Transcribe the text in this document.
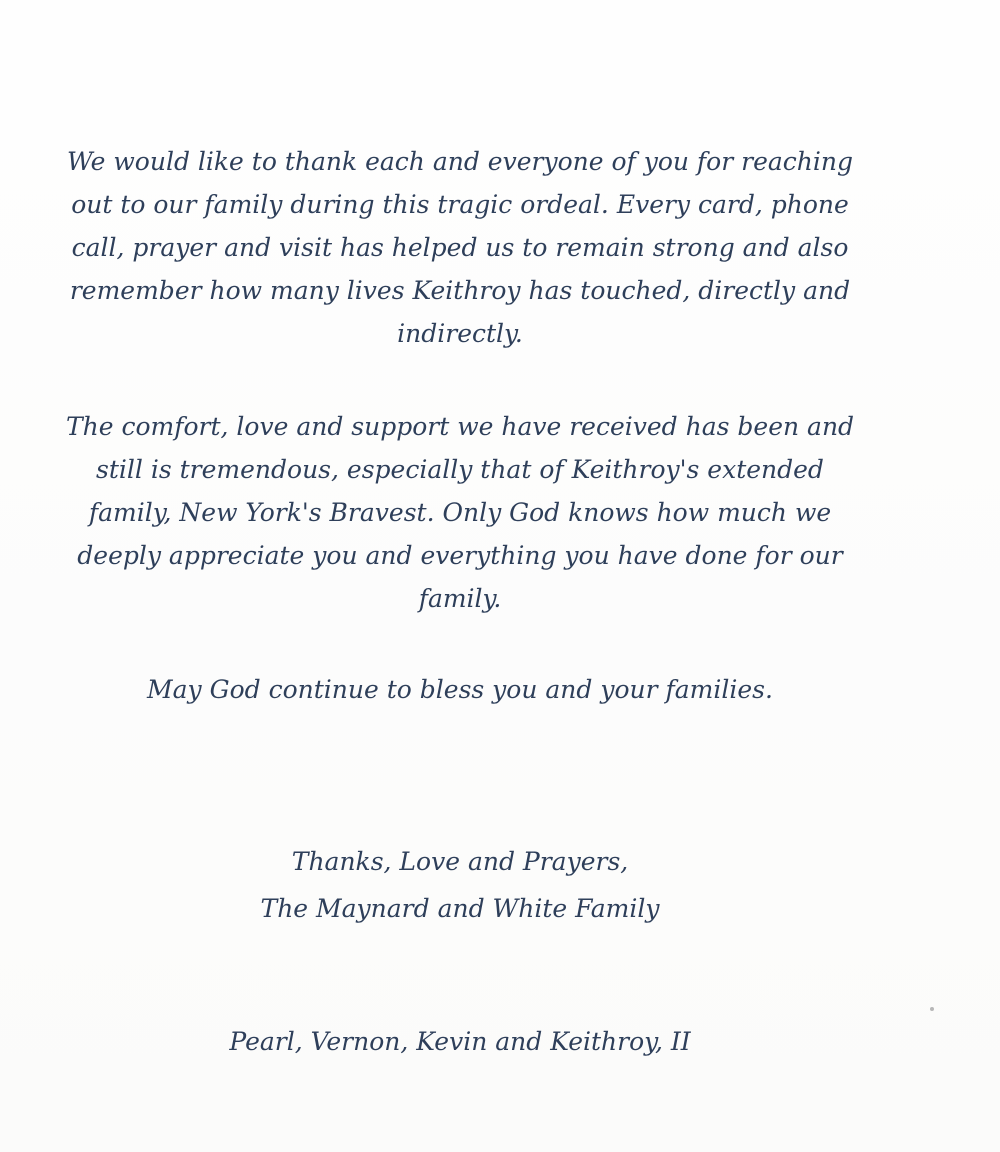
We would like to thank each and everyone of you for reaching
out to our family during this tragic ordeal. Every card, phone
call, prayer and visit has helped us to remain strong and also
remember how many lives Keithroy has touched, directly and
indirectly.
The comfort, love and support we have received has been and
still is tremendous, especially that of Keithroy's extended
family, New York's Bravest. Only God knows how much we
deeply appreciate you and everything you have done for our
family.
May God continue to bless you and your families.
Thanks, Love and Prayers,
The Maynard and White Family
Pearl, Vernon, Kevin and Keithroy, II
